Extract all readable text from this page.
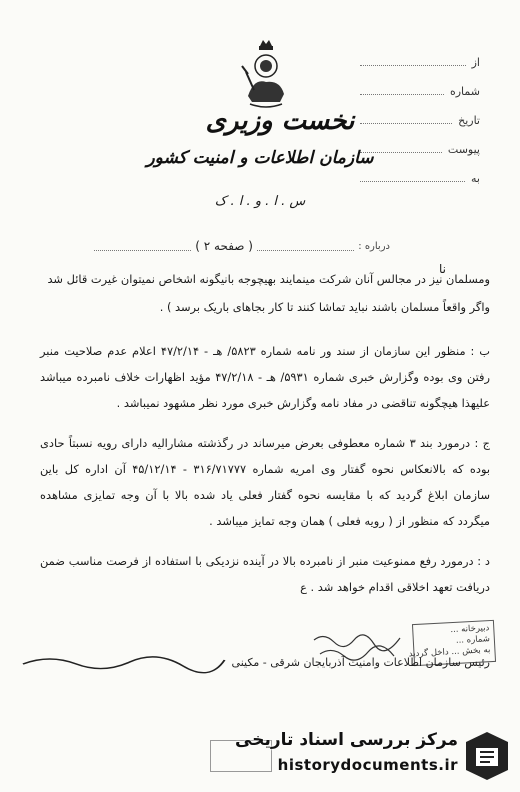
از
شماره
تاریخ
پیوست
به
نخست وزیری
سازمان اطلاعات و امنیت کشور
س . ا . و . ا . ک
درباره :
( صفحه ۲ )
نا
ومسلمان نیز در مجالس آنان شرکت مینمایند بهیچوجه بانیگونه اشخاص نمیتوان غیرت قائل شد
واگر واقعاً مسلمان باشند نباید تماشا کنند تا کار بجاهای باریک برسد ) .
ب : منظور این سازمان از سند ور نامه شماره ۵۸۲۳/ هـ - ۴۷/۲/۱۴ اعلام عدم صلاحیت منبر رفتن وی بوده وگزارش خبری شماره ۵۹۳۱/ هـ - ۴۷/۲/۱۸ مؤید اظهارات خلاف نامبرده میباشد علیهذا هیچگونه تناقضی در مفاد نامه وگزارش خبری مورد نظر مشهود نمیباشد .
ج : درمورد بند ۳ شماره معطوفی بعرض میرساند در رگذشته مشارالیه دارای رویه نسبتاً حادی بوده که بالانعکاس نحوه گفتار وی امریه شماره ۳۱۶/۷۱۷۷۷ - ۴۵/۱۲/۱۴ آن اداره کل باین سازمان ابلاغ گردید که با مقایسه نحوه گفتار فعلی یاد شده بالا با آن وجه تمایزی مشاهده میگردد که منظور از ( رویه فعلی ) همان وجه تمایز میباشد .
د : درمورد رفع ممنوعیت منبر از نامبرده بالا در آینده نزدیکی با استفاده از فرصت مناسب ضمن دریافت تعهد اخلاقی اقدام خواهد شد . ع
دبیرخانه ...
شماره ...
به بخش ... داخل گردید
رئیس سازمان اطلاعات وامنیت آذربایجان شرقی - مکینی
مرکز بررسی اسناد تاریخی
historydocuments.ir
